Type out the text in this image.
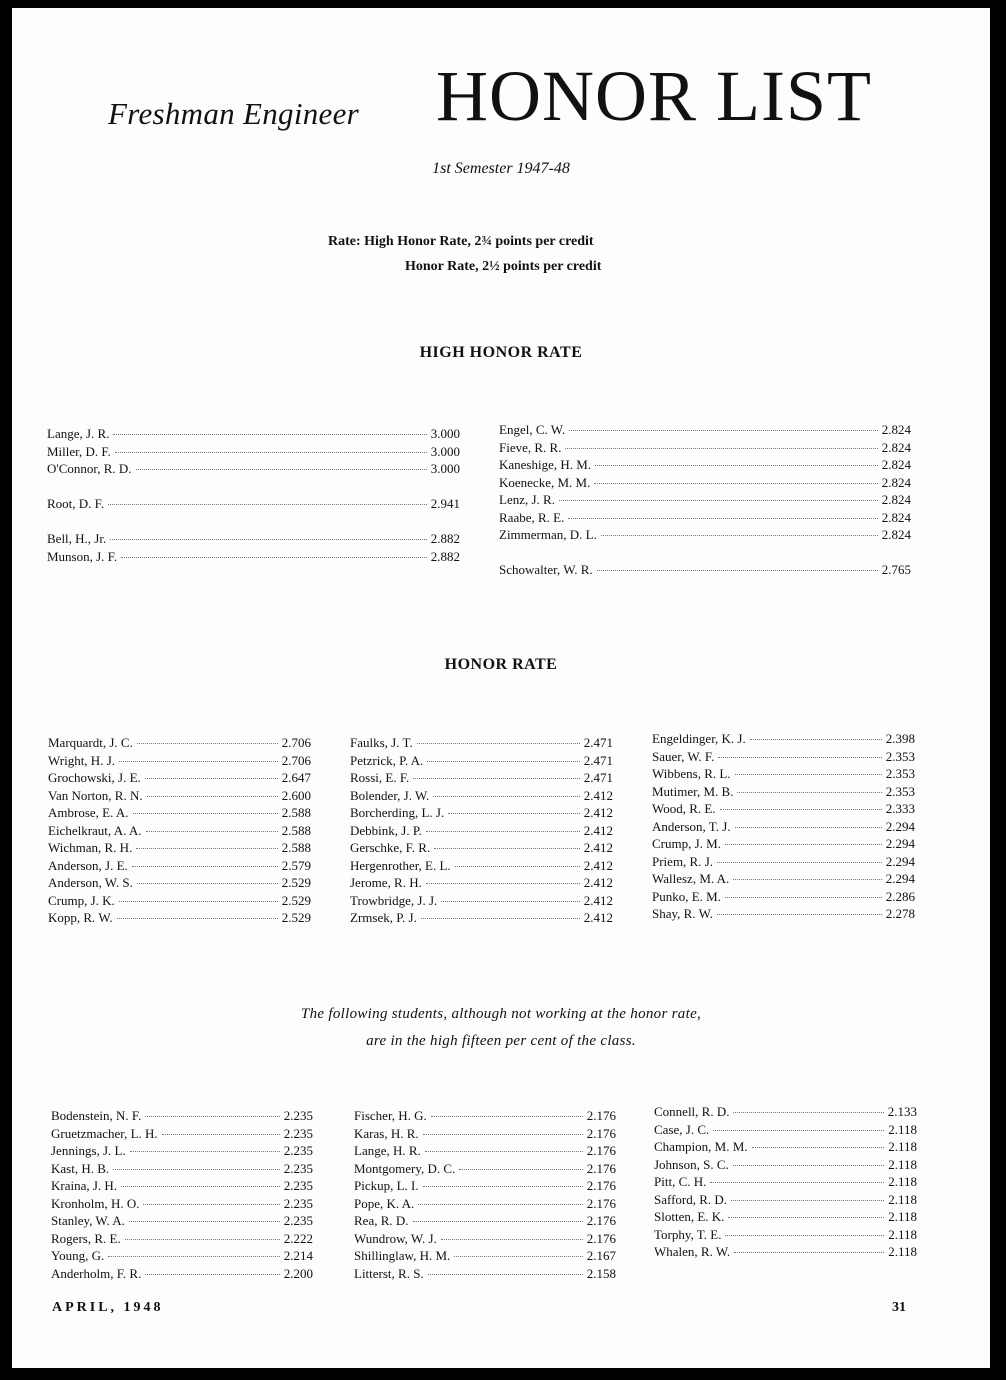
Freshman Engineer HONOR LIST
1st Semester 1947-48
Rate: High Honor Rate, 2¾ points per credit
Honor Rate, 2½ points per credit
HIGH HONOR RATE
Lange, J. R.	3.000
Miller, D. F.	3.000
O'Connor, R. D.	3.000
Root, D. F.	2.941
Bell, H., Jr.	2.882
Munson, J. F.	2.882
Engel, C. W.	2.824
Fieve, R. R.	2.824
Kaneshige, H. M.	2.824
Koenecke, M. M.	2.824
Lenz, J. R.	2.824
Raabe, R. E.	2.824
Zimmerman, D. L.	2.824
Schowalter, W. R.	2.765
HONOR RATE
Marquardt, J. C.	2.706
Wright, H. J.	2.706
Grochowski, J. E.	2.647
Van Norton, R. N.	2.600
Ambrose, E. A.	2.588
Eichelkraut, A. A.	2.588
Wichman, R. H.	2.588
Anderson, J. E.	2.579
Anderson, W. S.	2.529
Crump, J. K.	2.529
Kopp, R. W.	2.529
Faulks, J. T.	2.471
Petzrick, P. A.	2.471
Rossi, E. F.	2.471
Bolender, J. W.	2.412
Borcherding, L. J.	2.412
Debbink, J. P.	2.412
Gerschke, F. R.	2.412
Hergenrother, E. L.	2.412
Jerome, R. H.	2.412
Trowbridge, J. J.	2.412
Zrmsek, P. J.	2.412
Engeldinger, K. J.	2.398
Sauer, W. F.	2.353
Wibbens, R. L.	2.353
Mutimer, M. B.	2.353
Wood, R. E.	2.333
Anderson, T. J.	2.294
Crump, J. M.	2.294
Priem, R. J.	2.294
Wallesz, M. A.	2.294
Punko, E. M.	2.286
Shay, R. W.	2.278
The following students, although not working at the honor rate,
are in the high fifteen per cent of the class.
Bodenstein, N. F.	2.235
Gruetzmacher, L. H.	2.235
Jennings, J. L.	2.235
Kast, H. B.	2.235
Kraina, J. H.	2.235
Kronholm, H. O.	2.235
Stanley, W. A.	2.235
Rogers, R. E.	2.222
Young, G.	2.214
Anderholm, F. R.	2.200
Fischer, H. G.	2.176
Karas, H. R.	2.176
Lange, H. R.	2.176
Montgomery, D. C.	2.176
Pickup, L. I.	2.176
Pope, K. A.	2.176
Rea, R. D.	2.176
Wundrow, W. J.	2.176
Shillinglaw, H. M.	2.167
Litterst, R. S.	2.158
Connell, R. D.	2.133
Case, J. C.	2.118
Champion, M. M.	2.118
Johnson, S. C.	2.118
Pitt, C. H.	2.118
Safford, R. D.	2.118
Slotten, E. K.	2.118
Torphy, T. E.	2.118
Whalen, R. W.	2.118
APRIL, 1948	31
